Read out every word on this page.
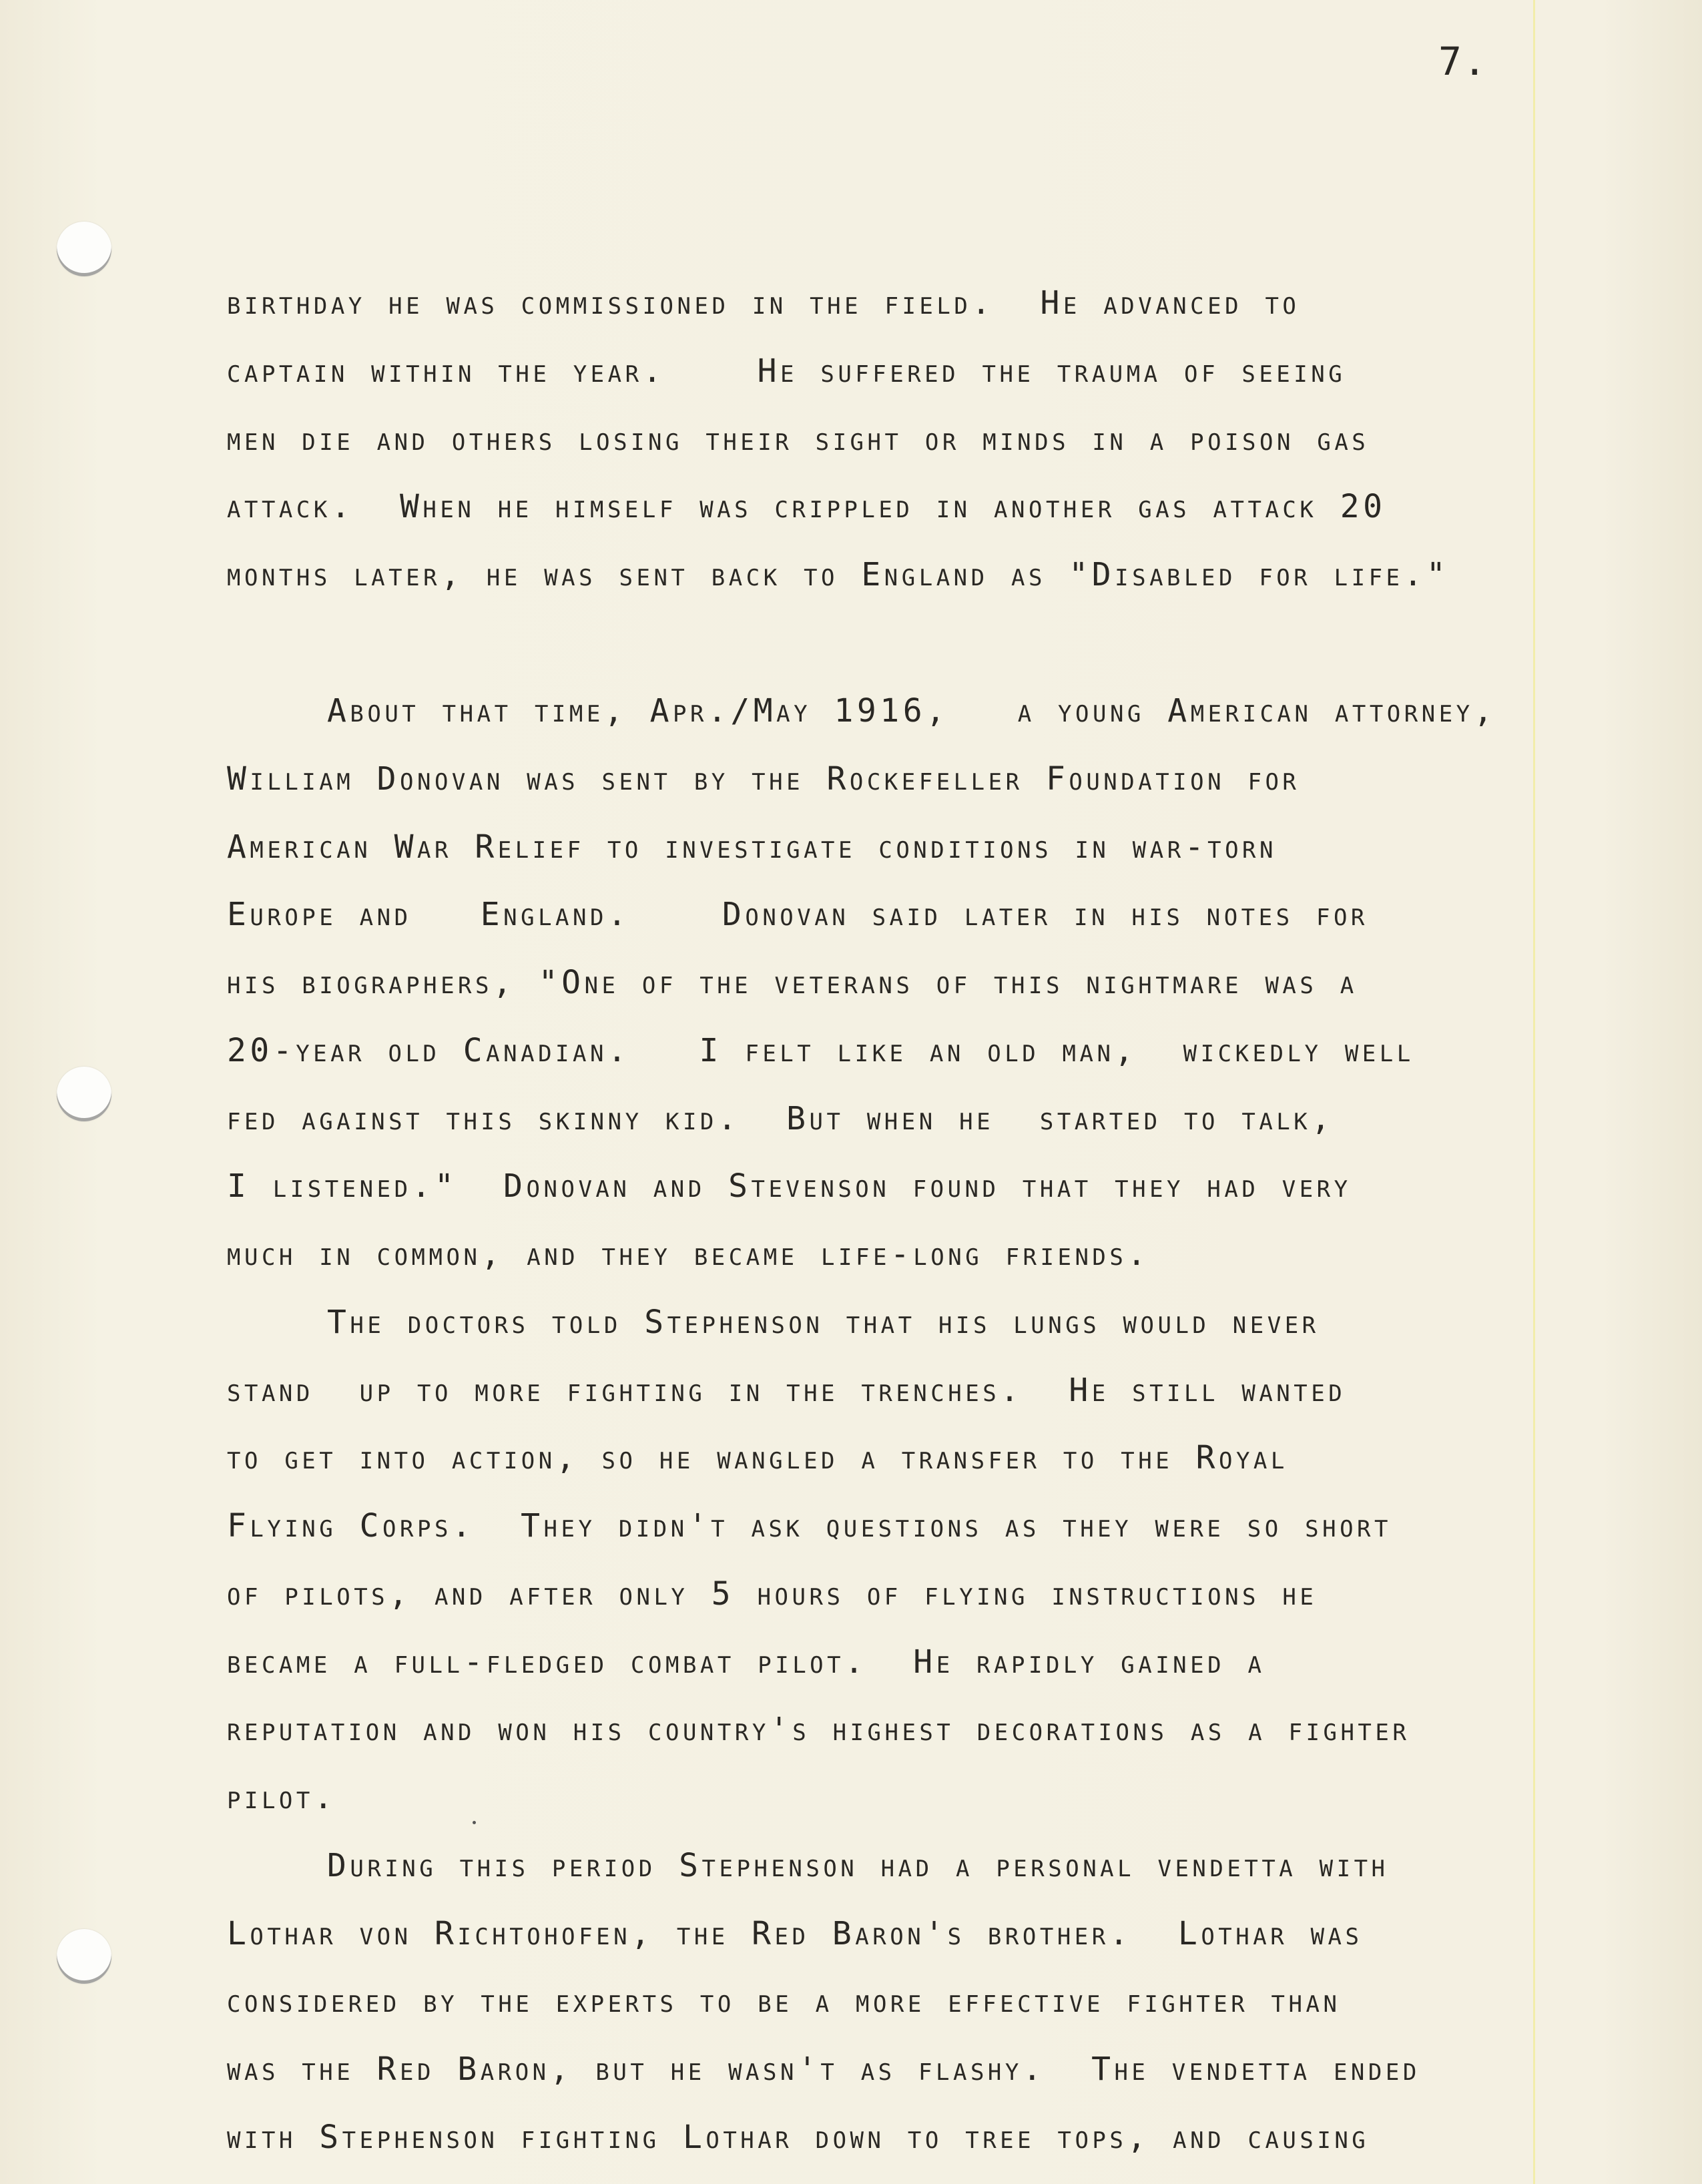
7.
birthday he was commissioned in the field.  He advanced to
captain within the year.    He suffered the trauma of seeing
men die and others losing their sight or minds in a poison gas
attack.  When he himself was crippled in another gas attack 20
months later, he was sent back to England as "Disabled for life."
About that time, Apr./May 1916,   a young American attorney,
William Donovan was sent by the Rockefeller Foundation for
American War Relief to investigate conditions in war-torn
Europe and   England.    Donovan said later in his notes for
his biographers, "One of the veterans of this nightmare was a
20-year old Canadian.   I felt like an old man,  wickedly well
fed against this skinny kid.  But when he  started to talk,
I listened."  Donovan and Stevenson found that they had very
much in common, and they became life-long friends.
The doctors told Stephenson that his lungs would never
stand  up to more fighting in the trenches.  He still wanted
to get into action, so he wangled a transfer to the Royal
Flying Corps.  They didn't ask questions as they were so short
of pilots, and after only 5 hours of flying instructions he
became a full-fledged combat pilot.  He rapidly gained a
reputation and won his country's highest decorations as a fighter
pilot.
During this period Stephenson had a personal vendetta with
Lothar von Richtohofen, the Red Baron's brother.  Lothar was
considered by the experts to be a more effective fighter than
was the Red Baron, but he wasn't as flashy.  The vendetta ended
with Stephenson fighting Lothar down to tree tops, and causing
